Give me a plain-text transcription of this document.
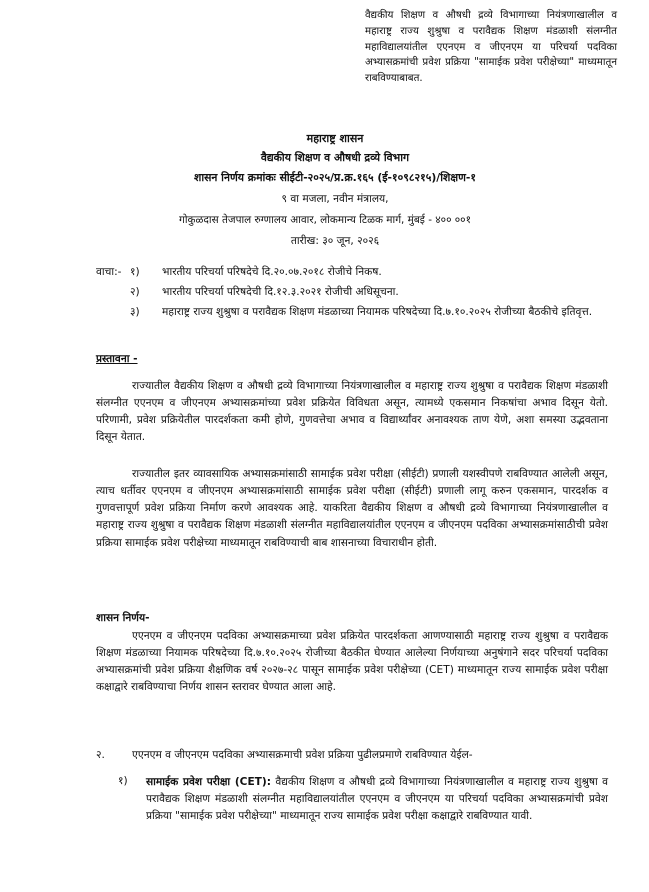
वैद्यकीय शिक्षण व औषधी द्रव्ये विभागाच्या नियंत्रणाखालील व महाराष्ट्र राज्य शुश्रुषा व परावैद्यक शिक्षण मंडळाशी संलग्नीत महाविद्यालयांतील एएनएम व जीएनएम या परिचर्या पदविका अभ्यासक्रमांची प्रवेश प्रक्रिया "सामाईक प्रवेश परीक्षेच्या" माध्यमातून राबविण्याबाबत.
महाराष्ट्र शासन
वैद्यकीय शिक्षण व औषधी द्रव्ये विभाग
शासन निर्णय क्रमांकः सीईटी-२०२५/प्र.क्र.१६५ (ई-१०९८२१५)/शिक्षण-१
९ वा मजला, नवीन मंत्रालय,
गोकुळदास तेजपाल रुग्णालय आवार, लोकमान्य टिळक मार्ग, मुंबई - ४०० ००१
तारीख: ३० जून, २०२६
वाचा:- १)	भारतीय परिचर्या परिषदेचे दि.२०.०७.२०१८ रोजीचे निकष.
२)	भारतीय परिचर्या परिषदेची दि.१२.३.२०२१ रोजीची अधिसूचना.
३)	महाराष्ट्र राज्य शुश्रुषा व परावैद्यक शिक्षण मंडळाच्या नियामक परिषदेच्या दि.७.१०.२०२५ रोजीच्या बैठकीचे इतिवृत्त.
प्रस्तावना -

राज्यातील वैद्यकीय शिक्षण व औषधी द्रव्ये विभागाच्या नियंत्रणाखालील व महाराष्ट्र राज्य शुश्रुषा व परावैद्यक शिक्षण मंडळाशी संलग्नीत एएनएम व जीएनएम अभ्यासक्रमांच्या प्रवेश प्रक्रियेत विविधता असून, त्यामध्ये एकसमान निकषांचा अभाव दिसून येतो. परिणामी, प्रवेश प्रक्रियेतील पारदर्शकता कमी होणे, गुणवत्तेचा अभाव व विद्यार्थ्यांवर अनावश्यक ताण येणे, अशा समस्या उद्भवताना दिसून येतात.

राज्यातील इतर व्यावसायिक अभ्यासक्रमांसाठी सामाईक प्रवेश परीक्षा (सीईटी) प्रणाली यशस्वीपणे राबविण्यात आलेली असून, त्याच धर्तीवर एएनएम व जीएनएम अभ्यासक्रमांसाठी सामाईक प्रवेश परीक्षा (सीईटी) प्रणाली लागू करुन एकसमान, पारदर्शक व गुणवत्तापूर्ण प्रवेश प्रक्रिया निर्माण करणे आवश्यक आहे. याकरिता वैद्यकीय शिक्षण व औषधी द्रव्ये विभागाच्या नियंत्रणाखालील व महाराष्ट्र राज्य शुश्रुषा व परावैद्यक शिक्षण मंडळाशी संलग्नीत महाविद्यालयांतील एएनएम व जीएनएम पदविका अभ्यासक्रमांसाठीची प्रवेश प्रक्रिया सामाईक प्रवेश परीक्षेच्या माध्यमातून राबविण्याची बाब शासनाच्या विचाराधीन होती.

शासन निर्णय-

एएनएम व जीएनएम पदविका अभ्यासक्रमाच्या प्रवेश प्रक्रियेत पारदर्शकता आणण्यासाठी महाराष्ट्र राज्य शुश्रुषा व परावैद्यक शिक्षण मंडळाच्या नियामक परिषदेच्या दि.७.१०.२०२५ रोजीच्या बैठकीत घेण्यात आलेल्या निर्णयाच्या अनुषंगाने सदर परिचर्या पदविका अभ्यासक्रमांची प्रवेश प्रक्रिया शैक्षणिक वर्ष २०२७-२८ पासून सामाईक प्रवेश परीक्षेच्या (CET) माध्यमातून राज्य सामाईक प्रवेश परीक्षा कक्षाद्वारे राबविण्याचा निर्णय शासन स्तरावर घेण्यात आला आहे.

२.	एएनएम व जीएनएम पदविका अभ्यासक्रमाची प्रवेश प्रक्रिया पुढीलप्रमाणे राबविण्यात येईल-
१)	सामाईक प्रवेश परीक्षा (CET): वैद्यकीय शिक्षण व औषधी द्रव्ये विभागाच्या नियंत्रणाखालील व महाराष्ट्र राज्य शुश्रुषा व परावैद्यक शिक्षण मंडळाशी संलग्नीत महाविद्यालयांतील एएनएम व जीएनएम या परिचर्या पदविका अभ्यासक्रमांची प्रवेश प्रक्रिया "सामाईक प्रवेश परीक्षेच्या" माध्यमातून राज्य सामाईक प्रवेश परीक्षा कक्षाद्वारे राबविण्यात यावी.
